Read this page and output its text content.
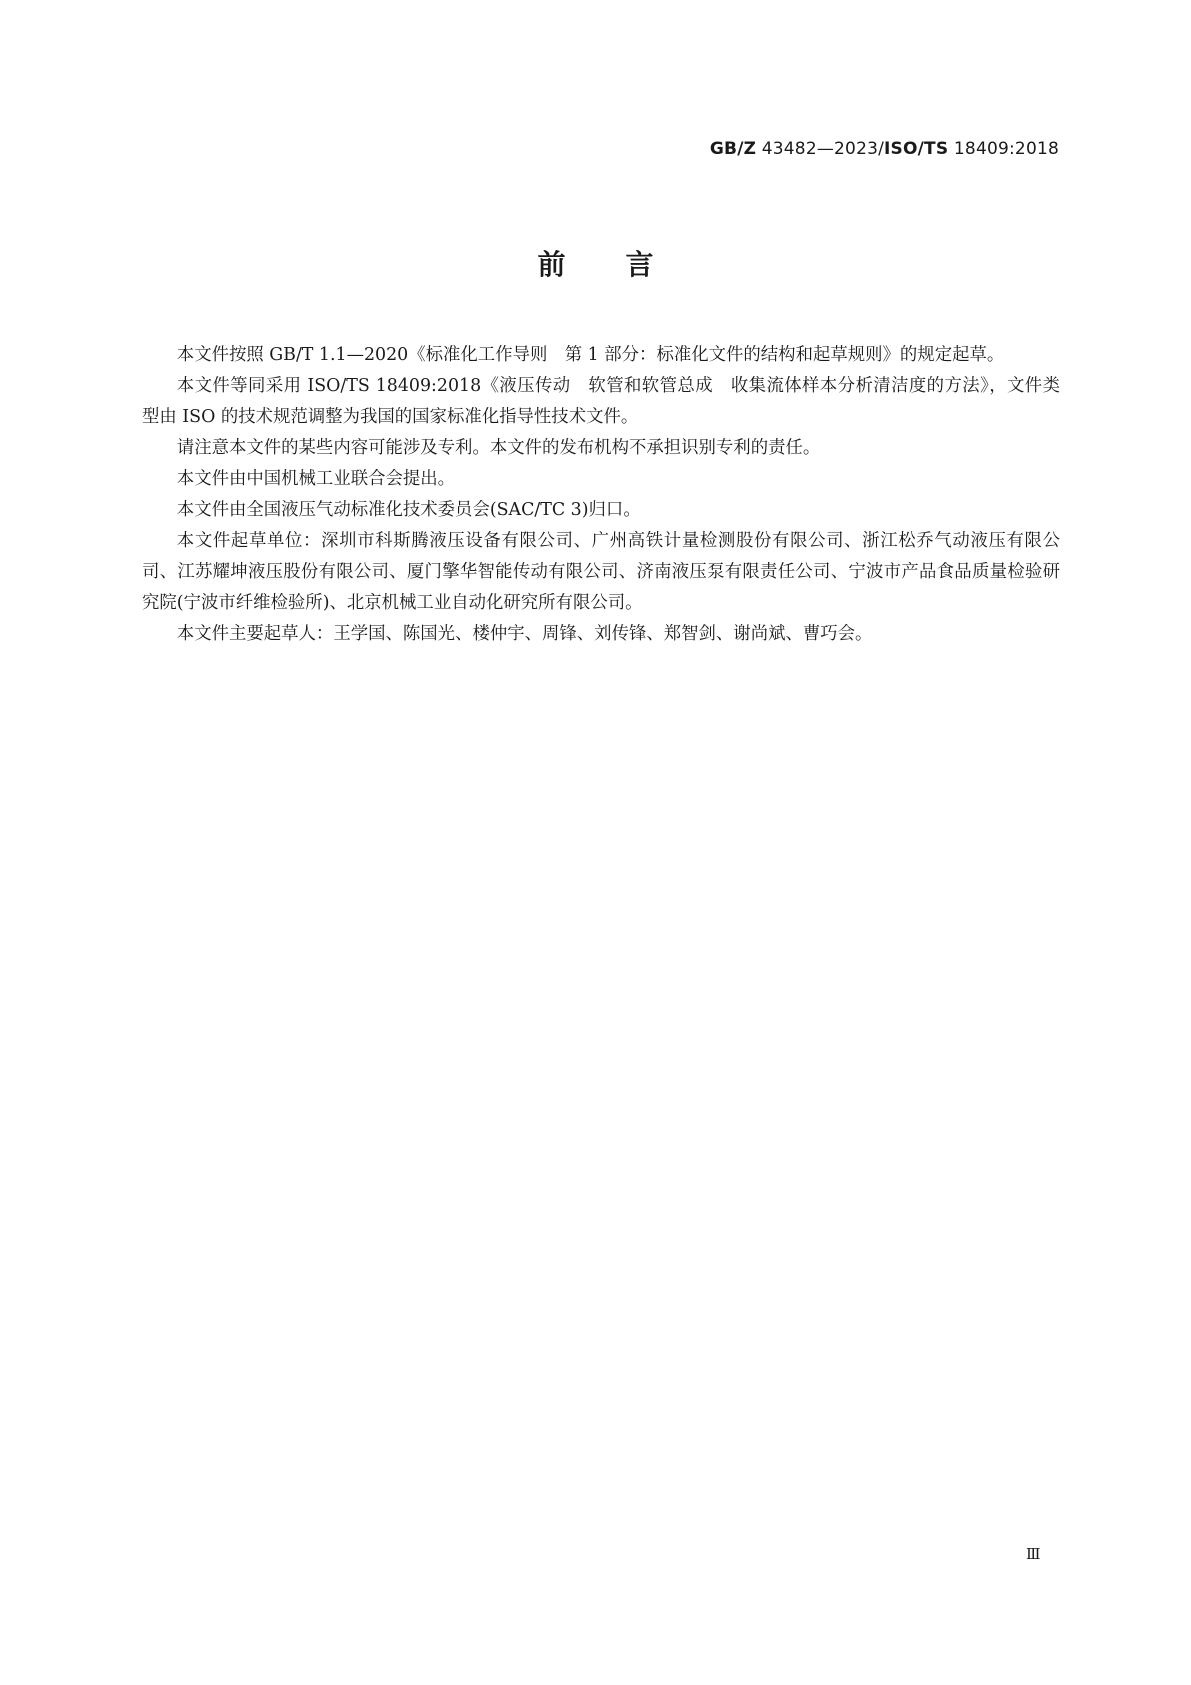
GB/Z 43482—2023/ISO/TS 18409:2018
前言

本文件按照 GB/T 1.1—2020《标准化工作导则　第 1 部分：标准化文件的结构和起草规则》的规定起草。

本文件等同采用 ISO/TS 18409:2018《液压传动　软管和软管总成　收集流体样本分析清洁度的方法》，文件类型由 ISO 的技术规范调整为我国的国家标准化指导性技术文件。

请注意本文件的某些内容可能涉及专利。本文件的发布机构不承担识别专利的责任。

本文件由中国机械工业联合会提出。

本文件由全国液压气动标准化技术委员会(SAC/TC 3)归口。

本文件起草单位：深圳市科斯腾液压设备有限公司、广州高铁计量检测股份有限公司、浙江松乔气动液压有限公司、江苏耀坤液压股份有限公司、厦门擎华智能传动有限公司、济南液压泵有限责任公司、宁波市产品食品质量检验研究院(宁波市纤维检验所)、北京机械工业自动化研究所有限公司。

本文件主要起草人：王学国、陈国光、楼仲宇、周锋、刘传锋、郑智剑、谢尚斌、曹巧会。

Ⅲ
